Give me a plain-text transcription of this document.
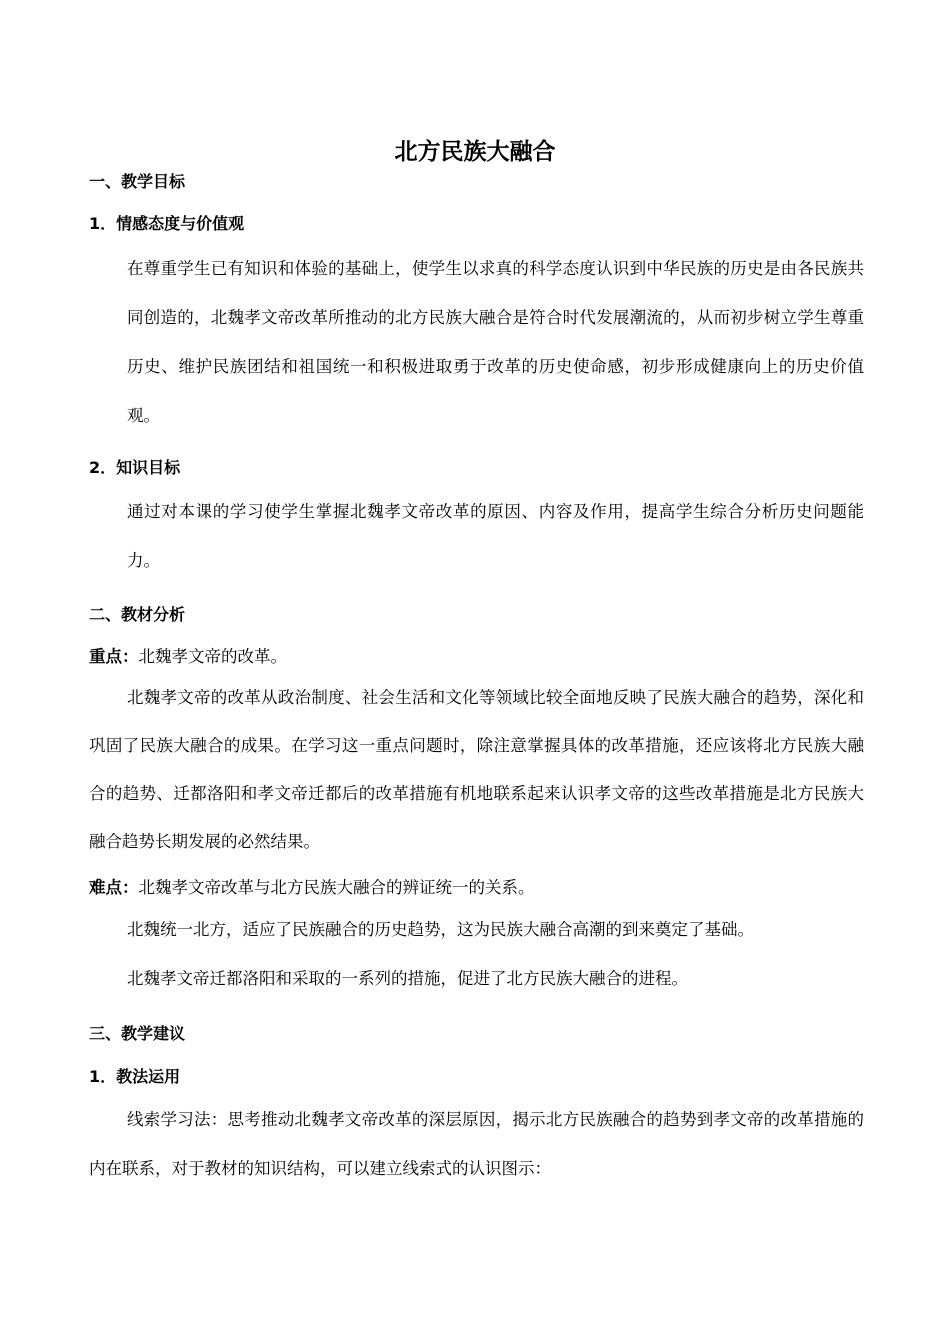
北方民族大融合
一、教学目标
1．情感态度与价值观

在尊重学生已有知识和体验的基础上，使学生以求真的科学态度认识到中华民族的历史是由各民族共同创造的，北魏孝文帝改革所推动的北方民族大融合是符合时代发展潮流的，从而初步树立学生尊重历史、维护民族团结和祖国统一和积极进取勇于改革的历史使命感，初步形成健康向上的历史价值观。

2．知识目标

通过对本课的学习使学生掌握北魏孝文帝改革的原因、内容及作用，提高学生综合分析历史问题能力。

二、教材分析

重点：北魏孝文帝的改革。

北魏孝文帝的改革从政治制度、社会生活和文化等领域比较全面地反映了民族大融合的趋势，深化和巩固了民族大融合的成果。在学习这一重点问题时，除注意掌握具体的改革措施，还应该将北方民族大融合的趋势、迁都洛阳和孝文帝迁都后的改革措施有机地联系起来认识孝文帝的这些改革措施是北方民族大融合趋势长期发展的必然结果。

难点：北魏孝文帝改革与北方民族大融合的辨证统一的关系。

北魏统一北方，适应了民族融合的历史趋势，这为民族大融合高潮的到来奠定了基础。

北魏孝文帝迁都洛阳和采取的一系列的措施，促进了北方民族大融合的进程。

三、教学建议
1．教法运用

线索学习法：思考推动北魏孝文帝改革的深层原因，揭示北方民族融合的趋势到孝文帝的改革措施的内在联系，对于教材的知识结构，可以建立线索式的认识图示：
